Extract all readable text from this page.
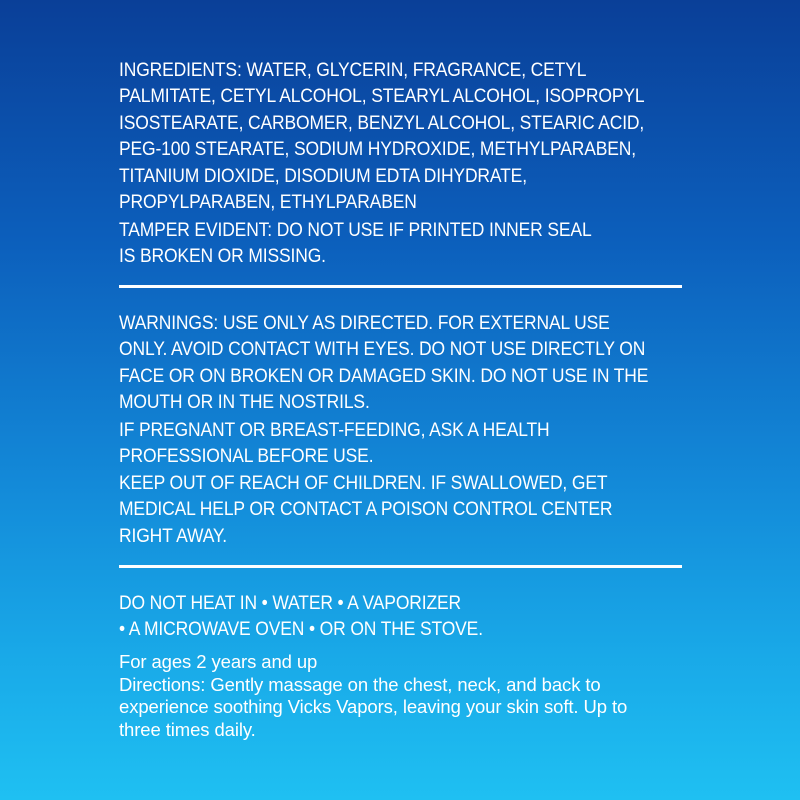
INGREDIENTS: WATER, GLYCERIN, FRAGRANCE, CETYL
PALMITATE, CETYL ALCOHOL, STEARYL ALCOHOL, ISOPROPYL
ISOSTEARATE, CARBOMER, BENZYL ALCOHOL, STEARIC ACID,
PEG-100 STEARATE, SODIUM HYDROXIDE, METHYLPARABEN,
TITANIUM DIOXIDE, DISODIUM EDTA DIHYDRATE,
PROPYLPARABEN, ETHYLPARABEN
TAMPER EVIDENT: DO NOT USE IF PRINTED INNER SEAL
IS BROKEN OR MISSING.
WARNINGS: USE ONLY AS DIRECTED. FOR EXTERNAL USE
ONLY. AVOID CONTACT WITH EYES. DO NOT USE DIRECTLY ON
FACE OR ON BROKEN OR DAMAGED SKIN. DO NOT USE IN THE
MOUTH OR IN THE NOSTRILS.
IF PREGNANT OR BREAST-FEEDING, ASK A HEALTH
PROFESSIONAL BEFORE USE.
KEEP OUT OF REACH OF CHILDREN. IF SWALLOWED, GET
MEDICAL HELP OR CONTACT A POISON CONTROL CENTER
RIGHT AWAY.
DO NOT HEAT IN • WATER • A VAPORIZER
• A MICROWAVE OVEN • OR ON THE STOVE.
For ages 2 years and up
Directions: Gently massage on the chest, neck, and back to
experience soothing Vicks Vapors, leaving your skin soft. Up to
three times daily.
